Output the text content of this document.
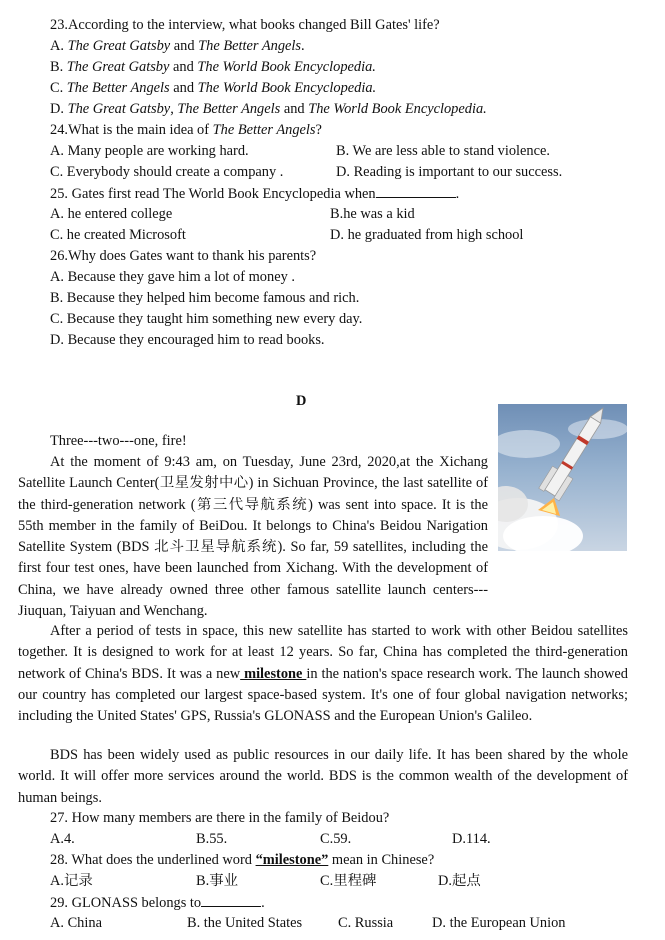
23.According to the interview, what books changed Bill Gates' life?
A. The Great Gatsby and The Better Angels.
B. The Great Gatsby and The World Book Encyclopedia.
C. The Better Angels and The World Book Encyclopedia.
D. The Great Gatsby, The Better Angels and The World Book Encyclopedia.
24.What is the main idea of The Better Angels?
A. Many people are working hard.	B. We are less able to stand violence.
C. Everybody should create a company .	D. Reading is important to our success.
25. Gates first read The World Book Encyclopedia when	.
A. he entered college	B.he was a kid
C. he created Microsoft	D. he graduated from high school
26.Why does Gates want to thank his parents?
A. Because they gave him a lot of money .
B. Because they helped him become famous and rich.
C. Because they taught him something new every day.
D. Because they encouraged him to read books.
D
Three---two---one, fire!
At the moment of 9:43 am, on Tuesday, June 23rd, 2020,at the Xichang Satellite Launch Center(卫星发射中心) in Sichuan Province, the last satellite of the third-generation network (第三代导航系统) was sent into space. It is the 55th member in the family of BeiDou. It belongs to China's Beidou Narigation Satellite System (BDS 北斗卫星导航系统). So far, 59 satellites, including the first four test ones, have been launched from Xichang. With the development of China, we have already owned three other famous satellite launch centers---Jiuquan, Taiyuan and Wenchang.
After a period of tests in space, this new satellite has started to work with other Beidou satellites together. It is designed to work for at least 12 years. So far, China has completed the third-generation network of China's BDS. It was a new milestone in the nation's space research work. The launch showed our country has completed our largest space-based system. It's one of four global navigation networks; including the United States' GPS, Russia's GLONASS and the European Union's Galileo.
BDS has been widely used as public resources in our daily life. It has been shared by the whole world. It will offer more services around the world. BDS is the common wealth of the development of human beings.
27. How many members are there in the family of Beidou?
A.4.	B.55.	C.59.	D.114.
28. What does the underlined word “milestone” mean in Chinese?
A.记录	B.事业	C.里程碑	D.起点
29. GLONASS belongs to	.
A. China	B. the United States C. Russia	D. the European Union
